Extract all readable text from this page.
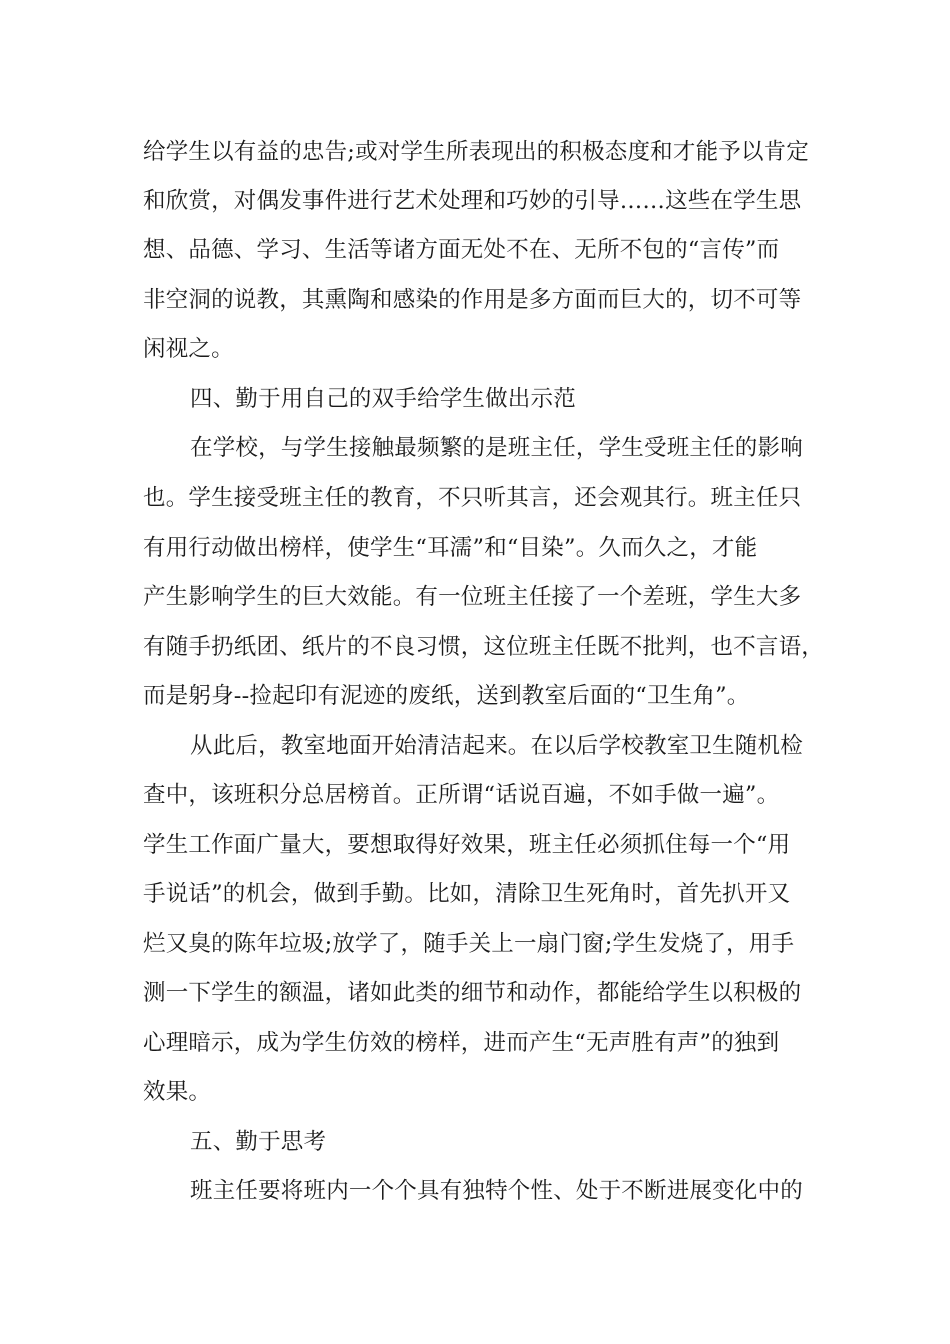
给学生以有益的忠告;或对学生所表现出的积极态度和才能予以肯定
和欣赏，对偶发事件进行艺术处理和巧妙的引导……这些在学生思
想、品德、学习、生活等诸方面无处不在、无所不包的“言传”而
非空洞的说教，其熏陶和感染的作用是多方面而巨大的，切不可等
闲视之。
四、勤于用自己的双手给学生做出示范
在学校，与学生接触最频繁的是班主任，学生受班主任的影响
也。学生接受班主任的教育，不只听其言，还会观其行。班主任只
有用行动做出榜样，使学生“耳濡”和“目染”。久而久之，才能
产生影响学生的巨大效能。有一位班主任接了一个差班，学生大多
有随手扔纸团、纸片的不良习惯，这位班主任既不批判，也不言语，
而是躬身--捡起印有泥迹的废纸，送到教室后面的“卫生角”。
从此后，教室地面开始清洁起来。在以后学校教室卫生随机检
查中，该班积分总居榜首。正所谓“话说百遍，不如手做一遍”。
学生工作面广量大，要想取得好效果，班主任必须抓住每一个“用
手说话”的机会，做到手勤。比如，清除卫生死角时，首先扒开又
烂又臭的陈年垃圾;放学了，随手关上一扇门窗;学生发烧了，用手
测一下学生的额温，诸如此类的细节和动作，都能给学生以积极的
心理暗示，成为学生仿效的榜样，进而产生“无声胜有声”的独到
效果。
五、勤于思考
班主任要将班内一个个具有独特个性、处于不断进展变化中的
